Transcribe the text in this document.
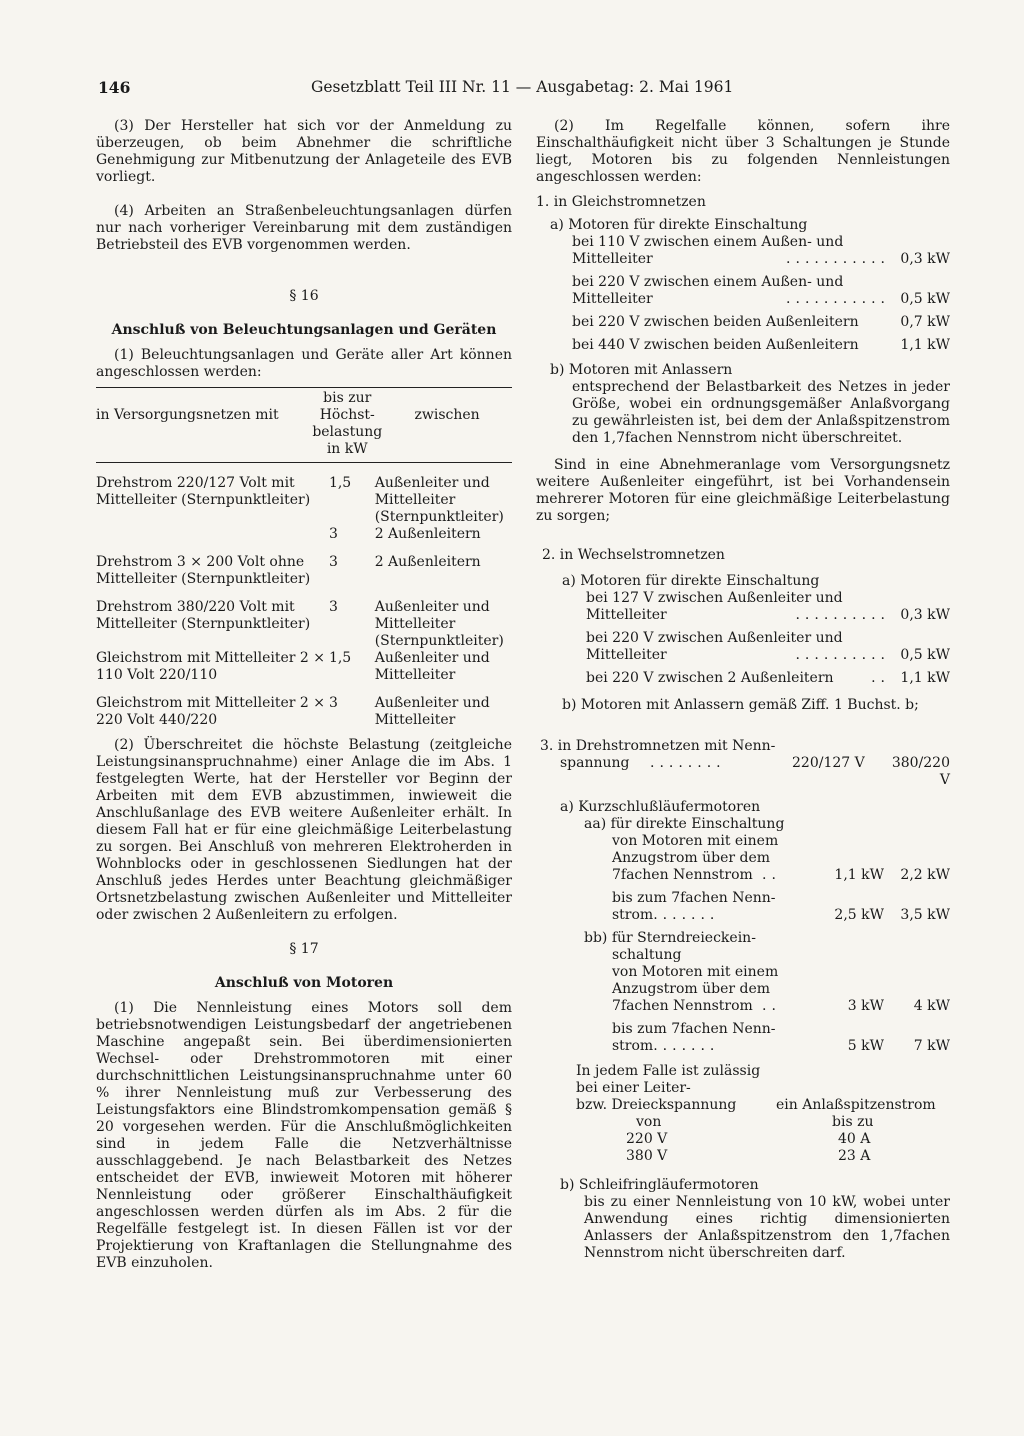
146	Gesetzblatt Teil III Nr. 11 — Ausgabetag: 2. Mai 1961

(3) Der Hersteller hat sich vor der Anmeldung zu überzeugen, ob beim Abnehmer die schriftliche Genehmigung zur Mitbenutzung der Anlageteile des EVB vorliegt.

(4) Arbeiten an Straßenbeleuchtungsanlagen dürfen nur nach vorheriger Vereinbarung mit dem zuständigen Betriebsteil des EVB vorgenommen werden.

§ 16

Anschluß von Beleuchtungsanlagen und Geräten

(1) Beleuchtungsanlagen und Geräte aller Art können angeschlossen werden:

in Versorgungsnetzen mit	bis zur Höchst-belastung in kW	zwischen
Drehstrom 220/127 Volt mit Mittelleiter (Sternpunktleiter)	1,5	Außenleiter und Mittelleiter (Sternpunktleiter)
	3	2 Außenleitern
Drehstrom 3 × 200 Volt ohne Mittelleiter (Sternpunktleiter)	3	2 Außenleitern
Drehstrom 380/220 Volt mit Mittelleiter (Sternpunktleiter)	3	Außenleiter und Mittelleiter (Sternpunktleiter)
Gleichstrom mit Mittelleiter 2 × 110 Volt 220/110	1,5	Außenleiter und Mittelleiter
Gleichstrom mit Mittelleiter 2 × 220 Volt 440/220	3	Außenleiter und Mittelleiter

(2) Überschreitet die höchste Belastung (zeitgleiche Leistungsinanspruchnahme) einer Anlage die im Abs. 1 festgelegten Werte, hat der Hersteller vor Beginn der Arbeiten mit dem EVB abzustimmen, inwieweit die Anschlußanlage des EVB weitere Außenleiter erhält. In diesem Fall hat er für eine gleichmäßige Leiterbelastung zu sorgen. Bei Anschluß von mehreren Elektroherden in Wohnblocks oder in geschlossenen Siedlungen hat der Anschluß jedes Herdes unter Beachtung gleichmäßiger Ortsnetzbelastung zwischen Außenleiter und Mittelleiter oder zwischen 2 Außenleitern zu erfolgen.

§ 17

Anschluß von Motoren

(1) Die Nennleistung eines Motors soll dem betriebsnotwendigen Leistungsbedarf der angetriebenen Maschine angepaßt sein. Bei überdimensionierten Wechsel- oder Drehstrommotoren mit einer durchschnittlichen Leistungsinanspruchnahme unter 60 % ihrer Nennleistung muß zur Verbesserung des Leistungsfaktors eine Blindstromkompensation gemäß § 20 vorgesehen werden. Für die Anschlußmöglichkeiten sind in jedem Falle die Netzverhältnisse ausschlaggebend. Je nach Belastbarkeit des Netzes entscheidet der EVB, inwieweit Motoren mit höherer Nennleistung oder größerer Einschalthäufigkeit angeschlossen werden dürfen als im Abs. 2 für die Regelfälle festgelegt ist. In diesen Fällen ist vor der Projektierung von Kraftanlagen die Stellungnahme des EVB einzuholen.

(2) Im Regelfalle können, sofern ihre Einschalthäufigkeit nicht über 3 Schaltungen je Stunde liegt, Motoren bis zu folgenden Nennleistungen angeschlossen werden:

1. in Gleichstromnetzen

a) Motoren für direkte Einschaltung

bei 110 V zwischen einem Außen- und

Mittelleiter	...........	0,3 kW

bei 220 V zwischen einem Außen- und

Mittelleiter	...........	0,5 kW
bei 220 V zwischen beiden Außenleitern	0,7 kW
bei 440 V zwischen beiden Außenleitern	1,1 kW

b) Motoren mit Anlassern

entsprechend der Belastbarkeit des Netzes in jeder Größe, wobei ein ordnungsgemäßer Anlaßvorgang zu gewährleisten ist, bei dem der Anlaßspitzenstrom den 1,7fachen Nennstrom nicht überschreitet.

Sind in eine Abnehmeranlage vom Versorgungsnetz weitere Außenleiter eingeführt, ist bei Vorhandensein mehrerer Motoren für eine gleichmäßige Leiterbelastung zu sorgen;

2. in Wechselstromnetzen

a) Motoren für direkte Einschaltung

bei 127 V zwischen Außenleiter und

Mittelleiter	..........	0,3 kW

bei 220 V zwischen Außenleiter und

Mittelleiter	..........	0,5 kW
bei 220 V zwischen 2 Außenleitern	..	1,1 kW

b) Motoren mit Anlassern gemäß Ziff. 1 Buchst. b;

3. in Drehstromnetzen mit Nenn-

spannung	........	220/127 V	380/220 V

a) Kurzschlußläufermotoren

aa) für direkte Einschaltung

von Motoren mit einem

Anzugstrom über dem

7fachen Nennstrom	..	1,1 kW	2,2 kW

bis zum 7fachen Nenn-

strom	.......	2,5 kW	3,5 kW

bb) für Sterndreieckein-

schaltung

von Motoren mit einem

Anzugstrom über dem

7fachen Nennstrom	..	3 kW	4 kW

bis zum 7fachen Nenn-

strom	.......	5 kW	7 kW

In jedem Falle ist zulässig

bei einer Leiter-

bzw. Dreieckspannung	ein Anlaßspitzenstrom
von	bis zu
220 V	40 A
380 V	23 A

b) Schleifringläufermotoren

bis zu einer Nennleistung von 10 kW, wobei unter Anwendung eines richtig dimensionierten Anlassers der Anlaßspitzenstrom den 1,7fachen Nennstrom nicht überschreiten darf.
